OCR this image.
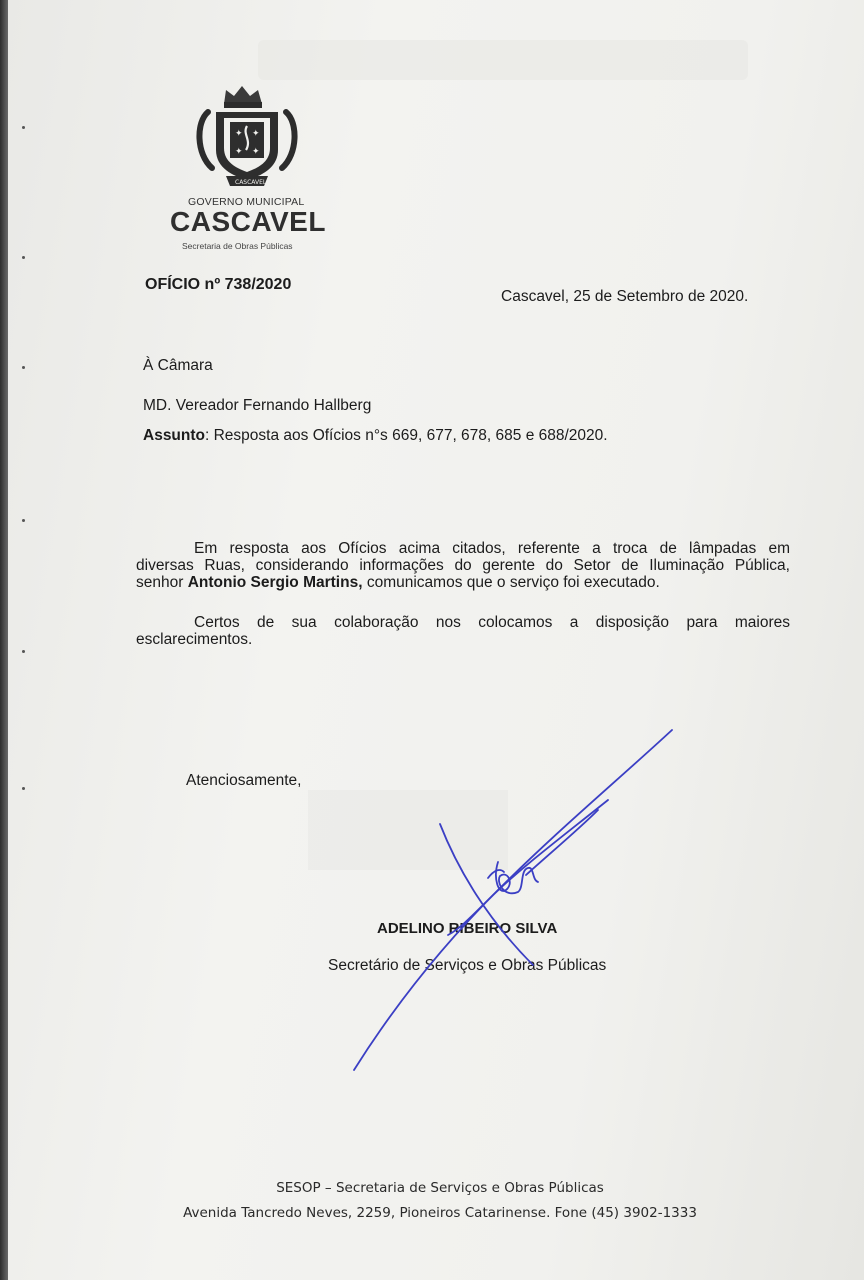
✦ ✦
✦ ✦
CASCAVEL
GOVERNO MUNICIPAL
CASCAVEL
Secretaria de Obras Públicas
OFÍCIO nº 738/2020
Cascavel, 25 de Setembro de 2020.
À Câmara
MD. Vereador Fernando Hallberg
Assunto: Resposta aos Ofícios n°s 669, 677, 678, 685 e 688/2020.
Em resposta aos Ofícios acima citados, referente a troca de lâmpadas em
diversas Ruas, considerando informações do gerente do Setor de Iluminação Pública,
senhor Antonio Sergio Martins, comunicamos que o serviço foi executado.
Certos de sua colaboração nos colocamos a disposição para maiores
esclarecimentos.
Atenciosamente,
ADELINO RIBEIRO SILVA
Secretário de Serviços e Obras Públicas
SESOP – Secretaria de Serviços e Obras Públicas
Avenida Tancredo Neves, 2259, Pioneiros Catarinense. Fone (45) 3902-1333
